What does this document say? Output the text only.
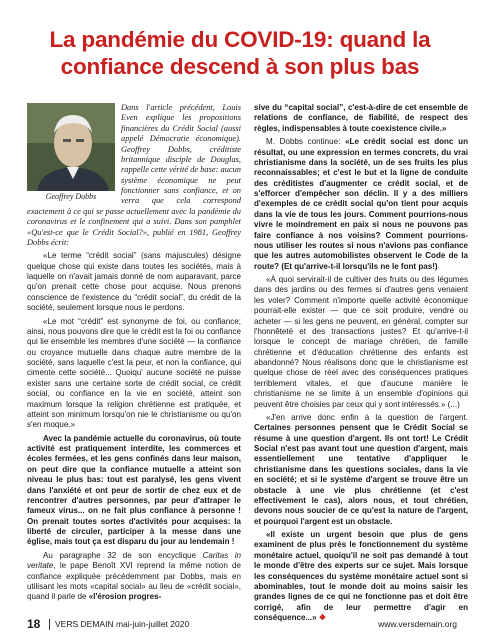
La pandémie du COVID-19: quand la
confiance descend à son plus bas
Geoffrey Dobbs

Dans l'article précédent, Louis Even explique les propositions financières du Crédit Social (aussi appelé Démocratie économique). Geoffrey Dobbs, créditiste britannique disciple de Douglas, rappelle cette vérité de base: aucun système économique ne peut fonctionner sans confiance, et on verra que cela correspond exactement à ce qui se passe actuellement avec la pandémie du coronavirus et le confinement qui a suivi. Dans son pamphlet «Qu'est-ce que le Crédit Social?», publié en 1981, Geoffrey Dobbs écrit:

«Le terme “crédit social” (sans majuscules) désigne quelque chose qui existe dans toutes les sociétés, mais à laquelle on n'avait jamais donné de nom auparavant, parce qu'on prenait cette chose pour acquise. Nous prenons conscience de l'existence du “crédit social”, du crédit de la société, seulement lorsque nous le perdons.

«Le mot “crédit” est synonyme de foi, ou confiance; ainsi, nous pouvons dire que le crédit est la foi ou confiance qui lie ensemble les membres d'une société — la confiance ou croyance mutuelle dans chaque autre membre de la société, sans laquelle c'est la peur, et non la confiance, qui cimente cette société... Quoiqu' aucune société ne puisse exister sans une certaine sorte de crédit social, ce crédit social, ou confiance en la vie en société, atteint son maximum lorsque la religion chrétienne est pratiquée, et atteint son minimum lorsqu'on nie le christianisme ou qu'on s'en moque.»

Avec la pandémie actuelle du coronavirus, où toute activité est pratiquement interdite, les commerces et écoles fermées, et les gens confinés dans leur maison, on peut dire que la confiance mutuelle a atteint son niveau le plus bas: tout est paralysé, les gens vivent dans l'anxiété et ont peur de sortir de chez eux et de rencontrer d'autres personnes, par peur d'attraper le fameux virus... on ne fait plus confiance à personne ! On prenait toutes sortes d'activités pour acquises: la liberté de circuler, participer à la messe dans une église, mais tout ça est disparu du jour au lendemain !

Au paragraphe 32 de son encyclique Caritas in veritate, le pape Benoît XVI reprend la même notion de confiance expliquée précédemment par Dobbs, mais en utilisant les mots «capital social» au lieu de «crédit social», quand il parle de «l'érosion progres-

sive du “capital social”, c'est-à-dire de cet ensemble de relations de confiance, de fiabilité, de respect des règles, indispensables à toute coexistence civile.»

M. Dobbs continue: «Le crédit social est donc un résultat, ou une expression en termes concrets, du vrai christianisme dans la société, un de ses fruits les plus reconnaissables; et c'est le but et la ligne de conduite des créditistes d'augmenter ce crédit social, et de s'efforcer d'empêcher son déclin. Il y a des milliers d'exemples de ce crédit social qu'on tient pour acquis dans la vie de tous les jours. Comment pourrions-nous vivre le moindrement en paix si nous ne pouvons pas faire confiance à nos voisins? Comment pourrions-nous utiliser les routes si nous n'avions pas confiance que les autres automobilistes observent le Code de la route? (Et qu'arrive-t-il lorsqu'ils ne le font pas!)

«À quoi servirait-il de cultiver des fruits ou des légumes dans des jardins ou des fermes si d'autres gens venaient les voler? Comment n'importe quelle activité économique pourrait-elle exister — que ce soit produire, vendre ou acheter — si les gens ne peuvent, en général, compter sur l'honnêteté et des transactions justes? Et qu'arrive-t-il lorsque le concept de mariage chrétien, de famille chrétienne et d'éducation chrétienne des enfants est abandonné? Nous réalisons donc que le christianisme est quelque chose de réel avec des conséquences pratiques terriblement vitales, et que d'aucune manière le christianisme ne se limite à un ensemble d'opinions qui peuvent être choisies par ceux qui y sont intéressés.» (...)

«J'en arrive donc enfin à la question de l'argent. Certaines personnes pensent que le Crédit Social se résume à une question d'argent. Ils ont tort! Le Crédit Social n'est pas avant tout une question d'argent, mais essentiellement une tentative d'appliquer le christianisme dans les questions sociales, dans la vie en société; et si le système d'argent se trouve être un obstacle à une vie plus chrétienne (et c'est effectivement le cas), alors nous, et tout chrétien, devons nous soucier de ce qu'est la nature de l'argent, et pourquoi l'argent est un obstacle.

«Il existe un urgent besoin que plus de gens examinent de plus près le fonctionnement du système monétaire actuel, quoiqu'il ne soit pas demandé à tout le monde d'être des experts sur ce sujet. Mais lorsque les conséquences du système monétaire actuel sont si abominables, tout le monde doit au moins saisir les grandes lignes de ce qui ne fonctionne pas et doit être corrigé, afin de leur permettre d'agir en conséquence...» ❖

18 VERS DEMAIN mai-juin-juillet 2020	www.versdemain.org
